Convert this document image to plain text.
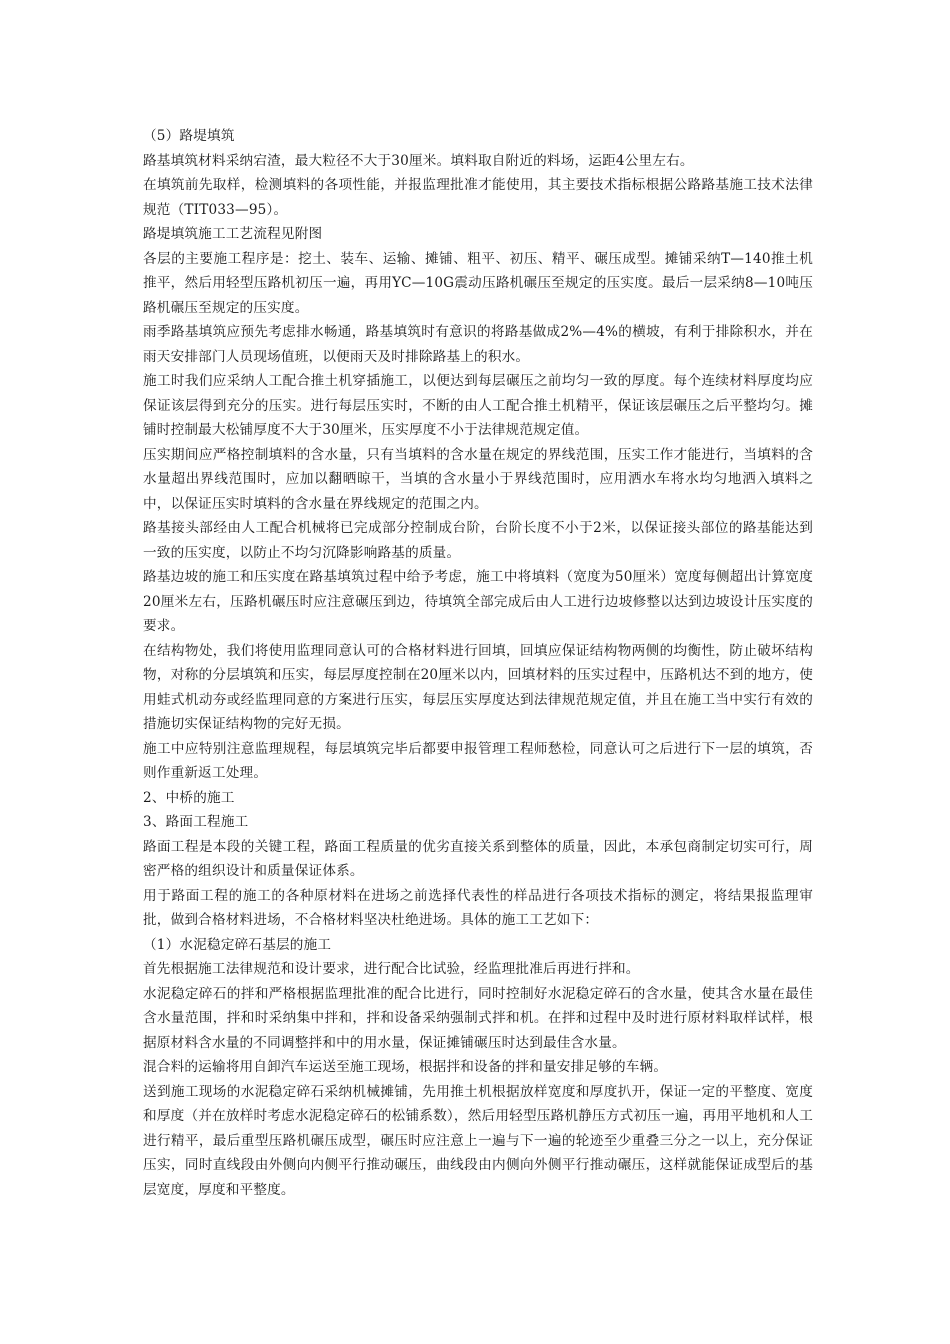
（5）路堤填筑

路基填筑材料采纳宕渣，最大粒径不大于30厘米。填料取自附近的料场，运距4公里左右。

在填筑前先取样，检测填料的各项性能，并报监理批准才能使用，其主要技术指标根据公路路基施工技术法律规范（TIT033—95）。

路堤填筑施工工艺流程见附图

各层的主要施工程序是：挖土、装车、运输、摊铺、粗平、初压、精平、碾压成型。摊铺采纳T—140推土机推平，然后用轻型压路机初压一遍，再用YC—10G震动压路机碾压至规定的压实度。最后一层采纳8—10吨压路机碾压至规定的压实度。

雨季路基填筑应预先考虑排水畅通，路基填筑时有意识的将路基做成2%—4%的横坡，有利于排除积水，并在雨天安排部门人员现场值班，以便雨天及时排除路基上的积水。

施工时我们应采纳人工配合推土机穿插施工，以便达到每层碾压之前均匀一致的厚度。每个连续材料厚度均应保证该层得到充分的压实。进行每层压实时，不断的由人工配合推土机精平，保证该层碾压之后平整均匀。摊铺时控制最大松铺厚度不大于30厘米，压实厚度不小于法律规范规定值。

压实期间应严格控制填料的含水量，只有当填料的含水量在规定的界线范围，压实工作才能进行，当填料的含水量超出界线范围时，应加以翻晒晾干，当填的含水量小于界线范围时，应用洒水车将水均匀地洒入填料之中，以保证压实时填料的含水量在界线规定的范围之内。

路基接头部经由人工配合机械将已完成部分控制成台阶，台阶长度不小于2米，以保证接头部位的路基能达到一致的压实度，以防止不均匀沉降影响路基的质量。

路基边坡的施工和压实度在路基填筑过程中给予考虑，施工中将填料（宽度为50厘米）宽度每侧超出计算宽度20厘米左右，压路机碾压时应注意碾压到边，待填筑全部完成后由人工进行边坡修整以达到边坡设计压实度的要求。

在结构物处，我们将使用监理同意认可的合格材料进行回填，回填应保证结构物两侧的均衡性，防止破坏结构物，对称的分层填筑和压实，每层厚度控制在20厘米以内，回填材料的压实过程中，压路机达不到的地方，使用蛙式机动夯或经监理同意的方案进行压实，每层压实厚度达到法律规范规定值，并且在施工当中实行有效的措施切实保证结构物的完好无损。

施工中应特别注意监理规程，每层填筑完毕后都要申报管理工程师愁检，同意认可之后进行下一层的填筑，否则作重新返工处理。

2、中桥的施工

3、路面工程施工

路面工程是本段的关键工程，路面工程质量的优劣直接关系到整体的质量，因此，本承包商制定切实可行，周密严格的组织设计和质量保证体系。

用于路面工程的施工的各种原材料在进场之前选择代表性的样品进行各项技术指标的测定，将结果报监理审批，做到合格材料进场，不合格材料坚决杜绝进场。具体的施工工艺如下：

（1）水泥稳定碎石基层的施工

首先根据施工法律规范和设计要求，进行配合比试验，经监理批准后再进行拌和。

水泥稳定碎石的拌和严格根据监理批准的配合比进行，同时控制好水泥稳定碎石的含水量，使其含水量在最佳含水量范围，拌和时采纳集中拌和，拌和设备采纳强制式拌和机。在拌和过程中及时进行原材料取样试样，根据原材料含水量的不同调整拌和中的用水量，保证摊铺碾压时达到最佳含水量。

混合料的运输将用自卸汽车运送至施工现场，根据拌和设备的拌和量安排足够的车辆。

送到施工现场的水泥稳定碎石采纳机械摊铺，先用推土机根据放样宽度和厚度扒开，保证一定的平整度、宽度和厚度（并在放样时考虑水泥稳定碎石的松铺系数），然后用轻型压路机静压方式初压一遍，再用平地机和人工进行精平，最后重型压路机碾压成型，碾压时应注意上一遍与下一遍的轮迹至少重叠三分之一以上，充分保证压实，同时直线段由外侧向内侧平行推动碾压，曲线段由内侧向外侧平行推动碾压，这样就能保证成型后的基层宽度，厚度和平整度。
